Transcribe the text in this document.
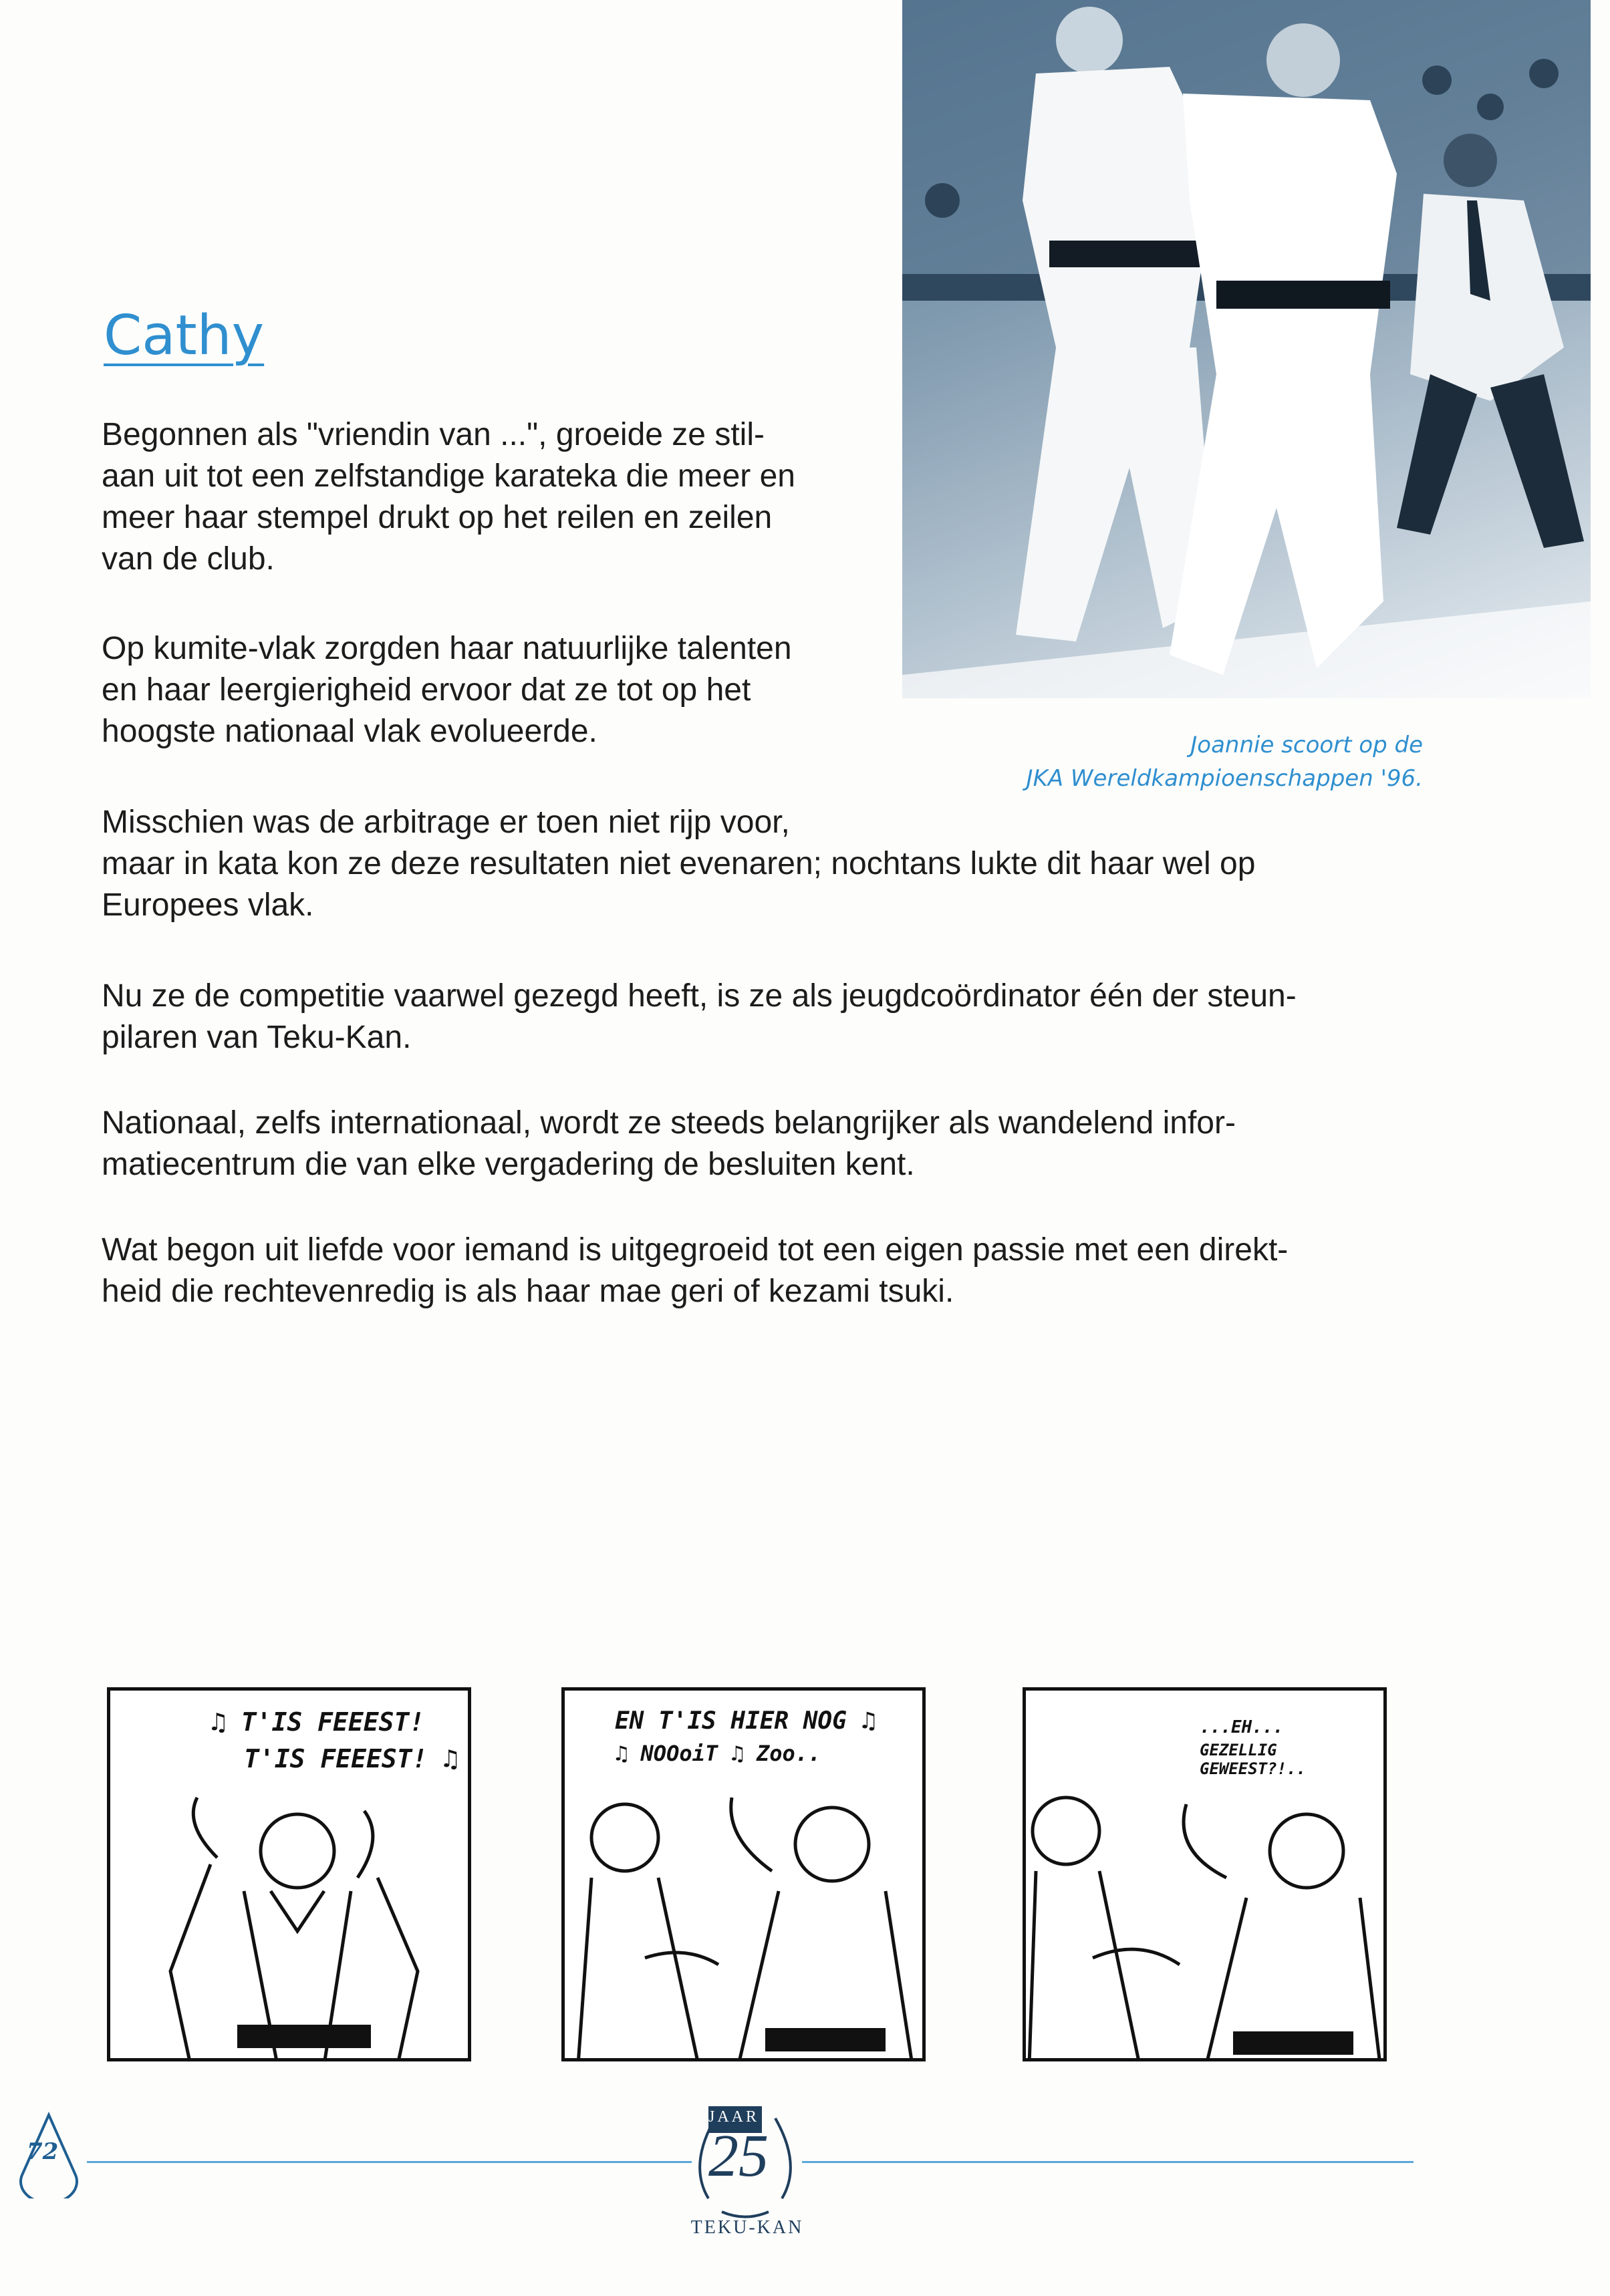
Cathy
Joannie scoort op de
JKA Wereldkampioenschappen '96.
Begonnen als "vriendin van ...", groeide ze stil-
aan uit tot een zelfstandige karateka die meer en
meer haar stempel drukt op het reilen en zeilen
van de club.
Op kumite-vlak zorgden haar natuurlijke talenten
en haar leergierigheid ervoor dat ze tot op het
hoogste nationaal vlak evolueerde.
Misschien was de arbitrage er toen niet rijp voor,
maar in kata kon ze deze resultaten niet evenaren; nochtans lukte dit haar wel op
Europees vlak.
Nu ze de competitie vaarwel gezegd heeft, is ze als jeugdcoördinator één der steun-
pilaren van Teku-Kan.
Nationaal, zelfs internationaal, wordt ze steeds belangrijker als wandelend infor-
matiecentrum die van elke vergadering de besluiten kent.
Wat begon uit liefde voor iemand is uitgegroeid tot een eigen passie met een direkt-
heid die rechtevenredig is als haar mae geri of kezami tsuki.
♫ T'IS FEEEST!
T'IS FEEEST! ♫
EN T'IS HIER NOG ♫
♫ NOOoiT ♫ Zoo..
...EH...
GEZELLIG GEWEEST?!..
72
JAAR
25
TEKU-KAN
